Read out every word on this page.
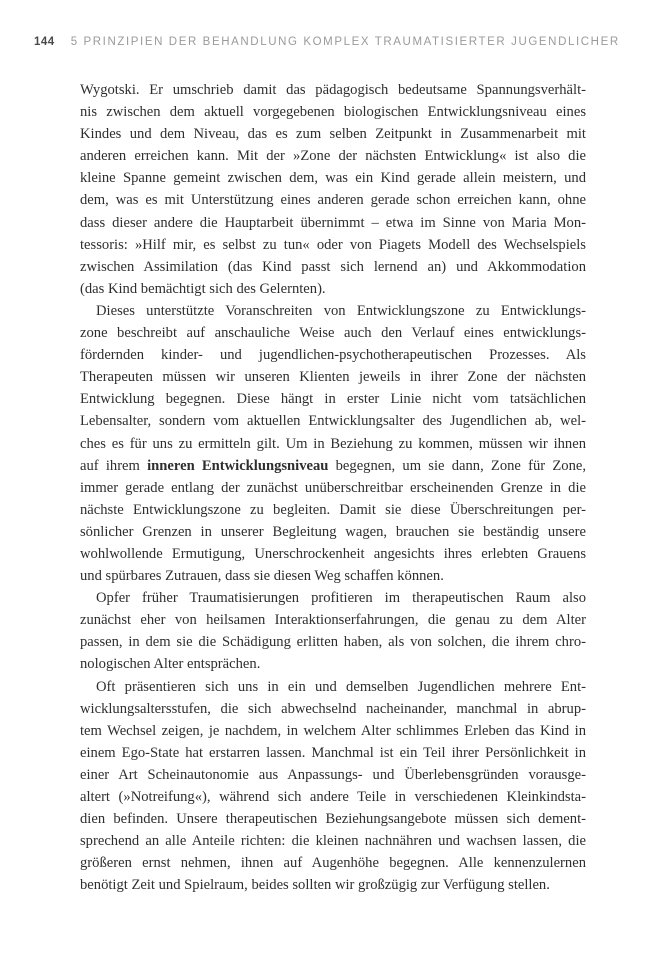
144 5 PRINZIPIEN DER BEHANDLUNG KOMPLEX TRAUMATISIERTER JUGENDLICHER
Wygotski. Er umschrieb damit das pädagogisch bedeutsame Spannungsverhält-
nis zwischen dem aktuell vorgegebenen biologischen Entwicklungsniveau eines
Kindes und dem Niveau, das es zum selben Zeitpunkt in Zusammenarbeit mit
anderen erreichen kann. Mit der »Zone der nächsten Entwicklung« ist also die
kleine Spanne gemeint zwischen dem, was ein Kind gerade allein meistern, und
dem, was es mit Unterstützung eines anderen gerade schon erreichen kann, ohne
dass dieser andere die Hauptarbeit übernimmt – etwa im Sinne von Maria Mon-
tessoris: »Hilf mir, es selbst zu tun« oder von Piagets Modell des Wechselspiels
zwischen Assimilation (das Kind passt sich lernend an) und Akkommodation
(das Kind bemächtigt sich des Gelernten).
Dieses unterstützte Voranschreiten von Entwicklungszone zu Entwicklungs-
zone beschreibt auf anschauliche Weise auch den Verlauf eines entwicklungs-
fördernden kinder- und jugendlichen-psychotherapeutischen Prozesses. Als
Therapeuten müssen wir unseren Klienten jeweils in ihrer Zone der nächsten
Entwicklung begegnen. Diese hängt in erster Linie nicht vom tatsächlichen
Lebensalter, sondern vom aktuellen Entwicklungsalter des Jugendlichen ab, wel-
ches es für uns zu ermitteln gilt. Um in Beziehung zu kommen, müssen wir ihnen
auf ihrem inneren Entwicklungsniveau begegnen, um sie dann, Zone für Zone,
immer gerade entlang der zunächst unüberschreitbar erscheinenden Grenze in die
nächste Entwicklungszone zu begleiten. Damit sie diese Überschreitungen per-
sönlicher Grenzen in unserer Begleitung wagen, brauchen sie beständig unsere
wohlwollende Ermutigung, Unerschrockenheit angesichts ihres erlebten Grauens
und spürbares Zutrauen, dass sie diesen Weg schaffen können.
Opfer früher Traumatisierungen profitieren im therapeutischen Raum also
zunächst eher von heilsamen Interaktionserfahrungen, die genau zu dem Alter
passen, in dem sie die Schädigung erlitten haben, als von solchen, die ihrem chro-
nologischen Alter entsprächen.
Oft präsentieren sich uns in ein und demselben Jugendlichen mehrere Ent-
wicklungsaltersstufen, die sich abwechselnd nacheinander, manchmal in abrup-
tem Wechsel zeigen, je nachdem, in welchem Alter schlimmes Erleben das Kind in
einem Ego-State hat erstarren lassen. Manchmal ist ein Teil ihrer Persönlichkeit in
einer Art Scheinautonomie aus Anpassungs- und Überlebensgründen vorausge-
altert (»Notreifung«), während sich andere Teile in verschiedenen Kleinkindsta-
dien befinden. Unsere therapeutischen Beziehungsangebote müssen sich dement-
sprechend an alle Anteile richten: die kleinen nachnähren und wachsen lassen, die
größeren ernst nehmen, ihnen auf Augenhöhe begegnen. Alle kennenzulernen
benötigt Zeit und Spielraum, beides sollten wir großzügig zur Verfügung stellen.
